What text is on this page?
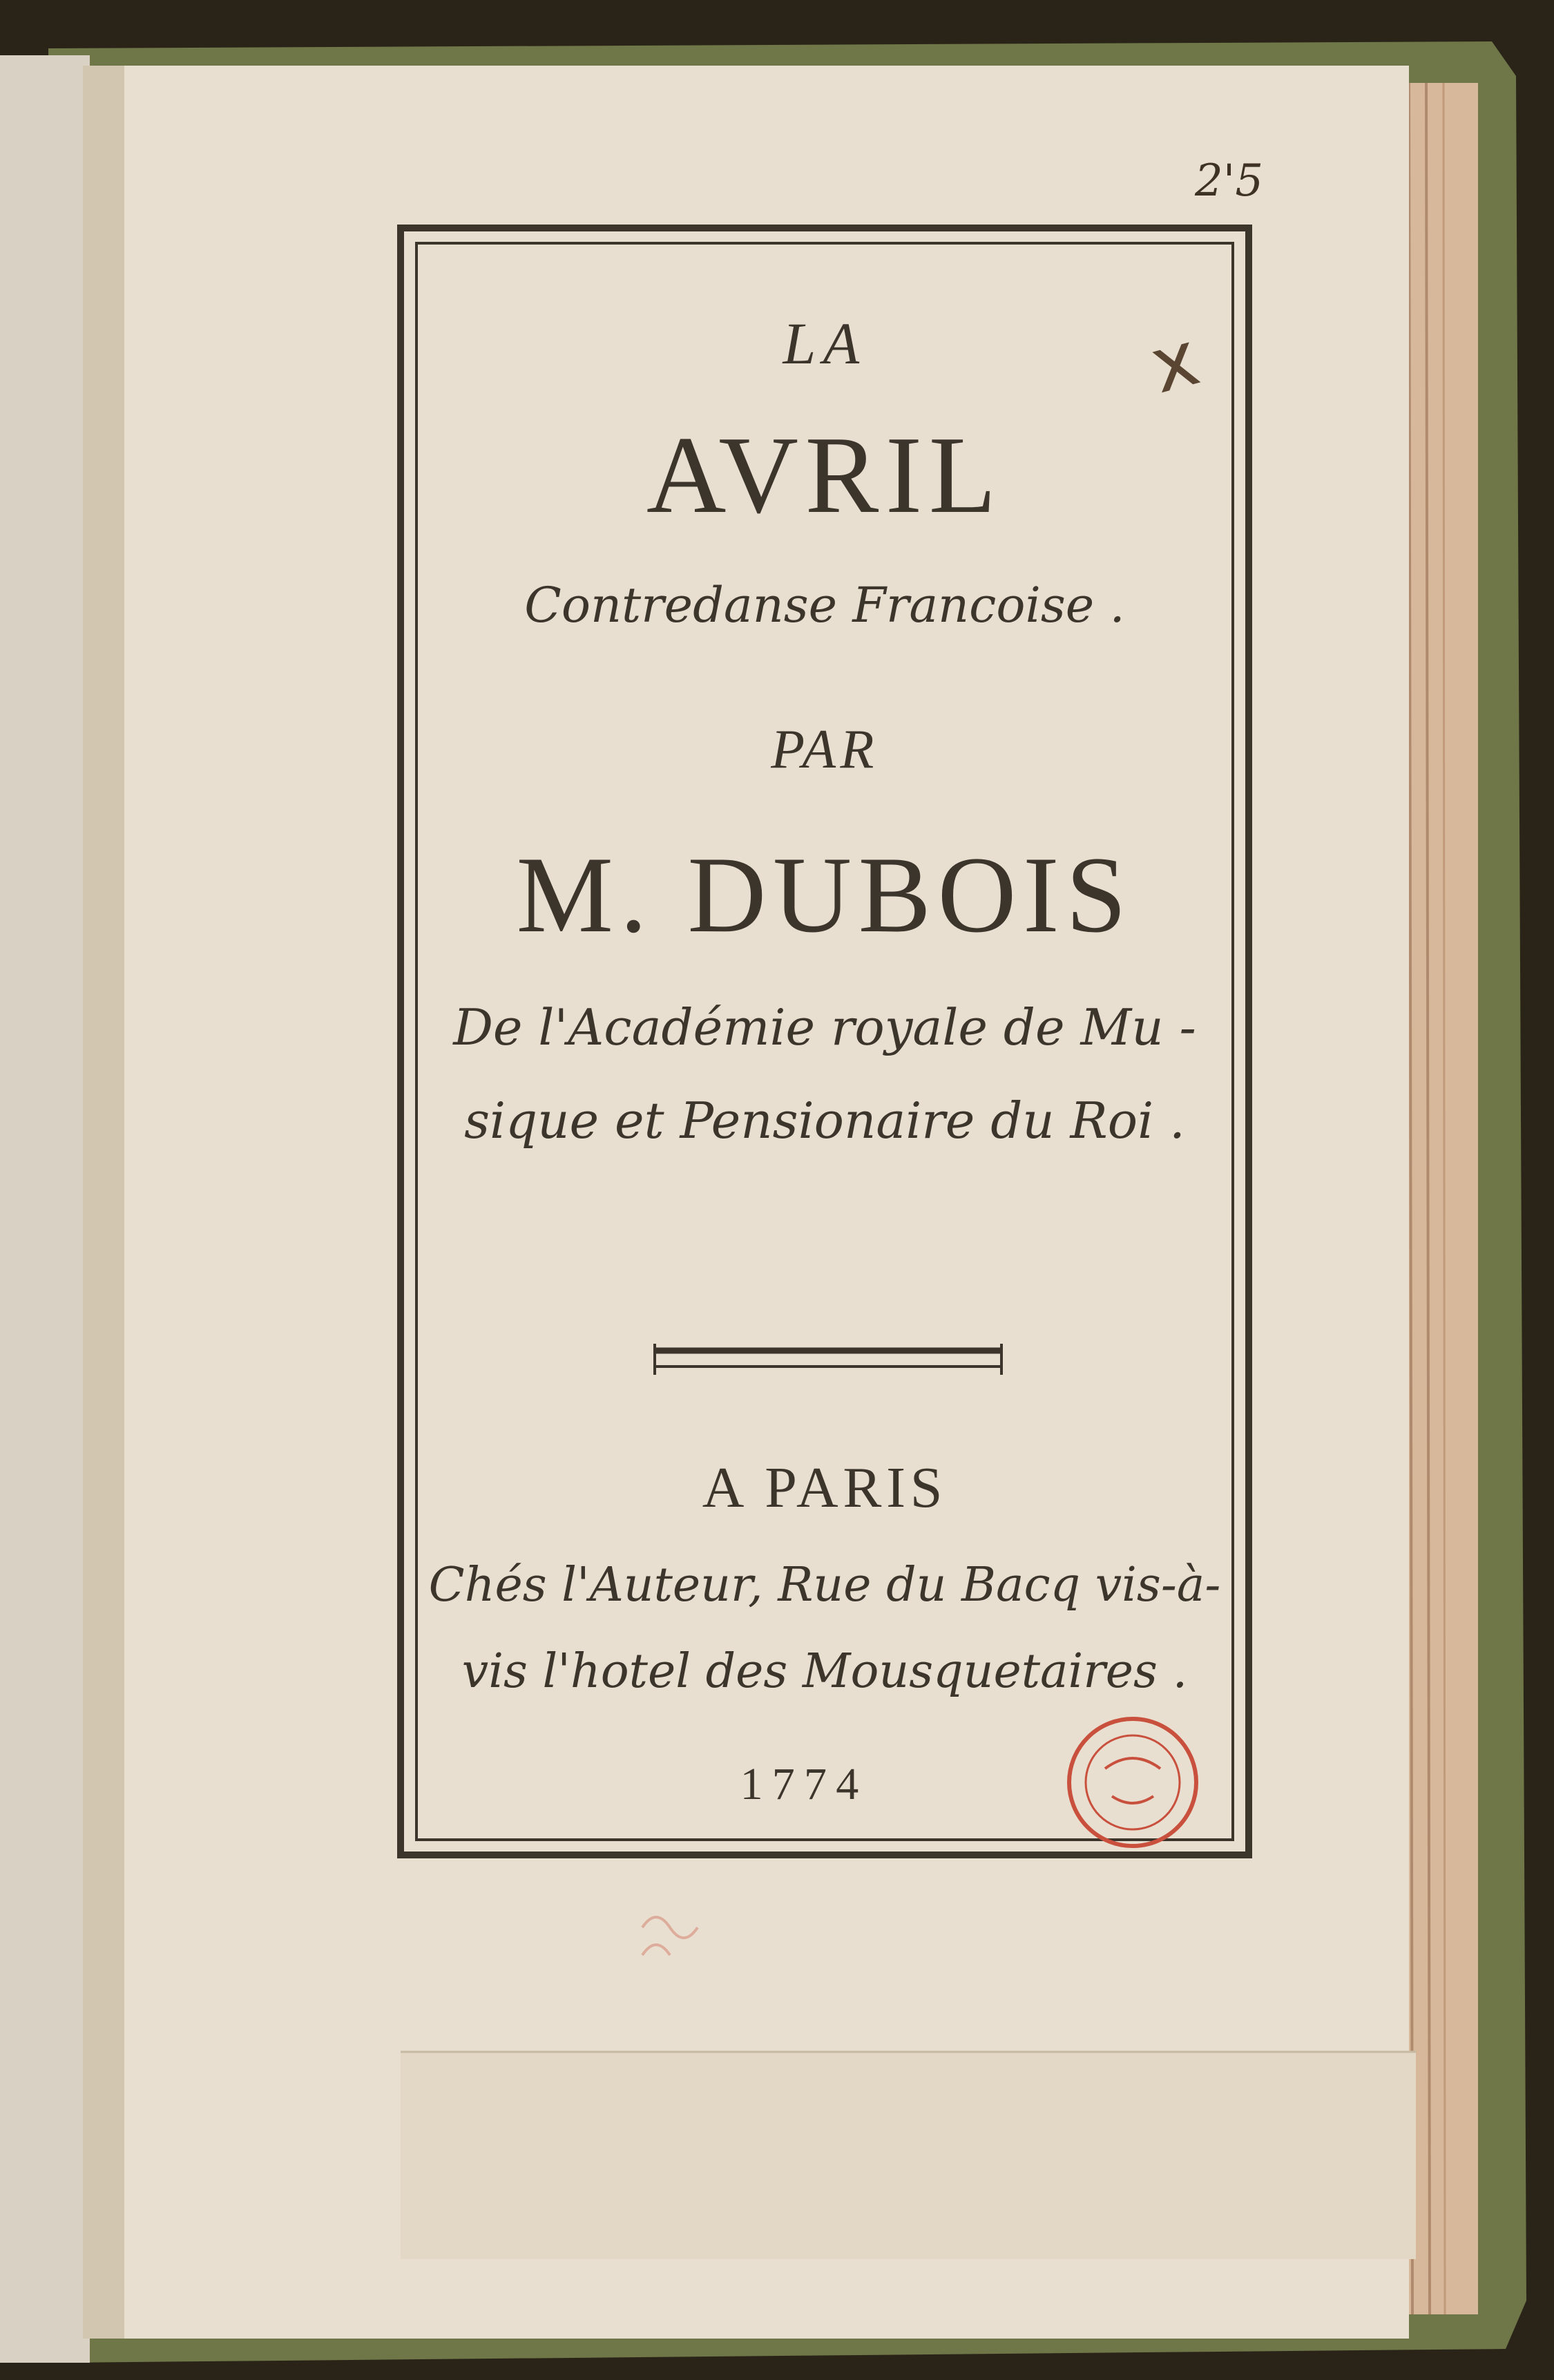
LA
AVRIL
Contredanse Francoise .
PAR
M. DUBOIS
De l'Académie royale de Mu -
sique et Pensionaire du Roi .
A PARIS
Chés l'Auteur, Rue du Bacq vis-à-
vis l'hotel des Mousquetaires .
1774
2'5
x
